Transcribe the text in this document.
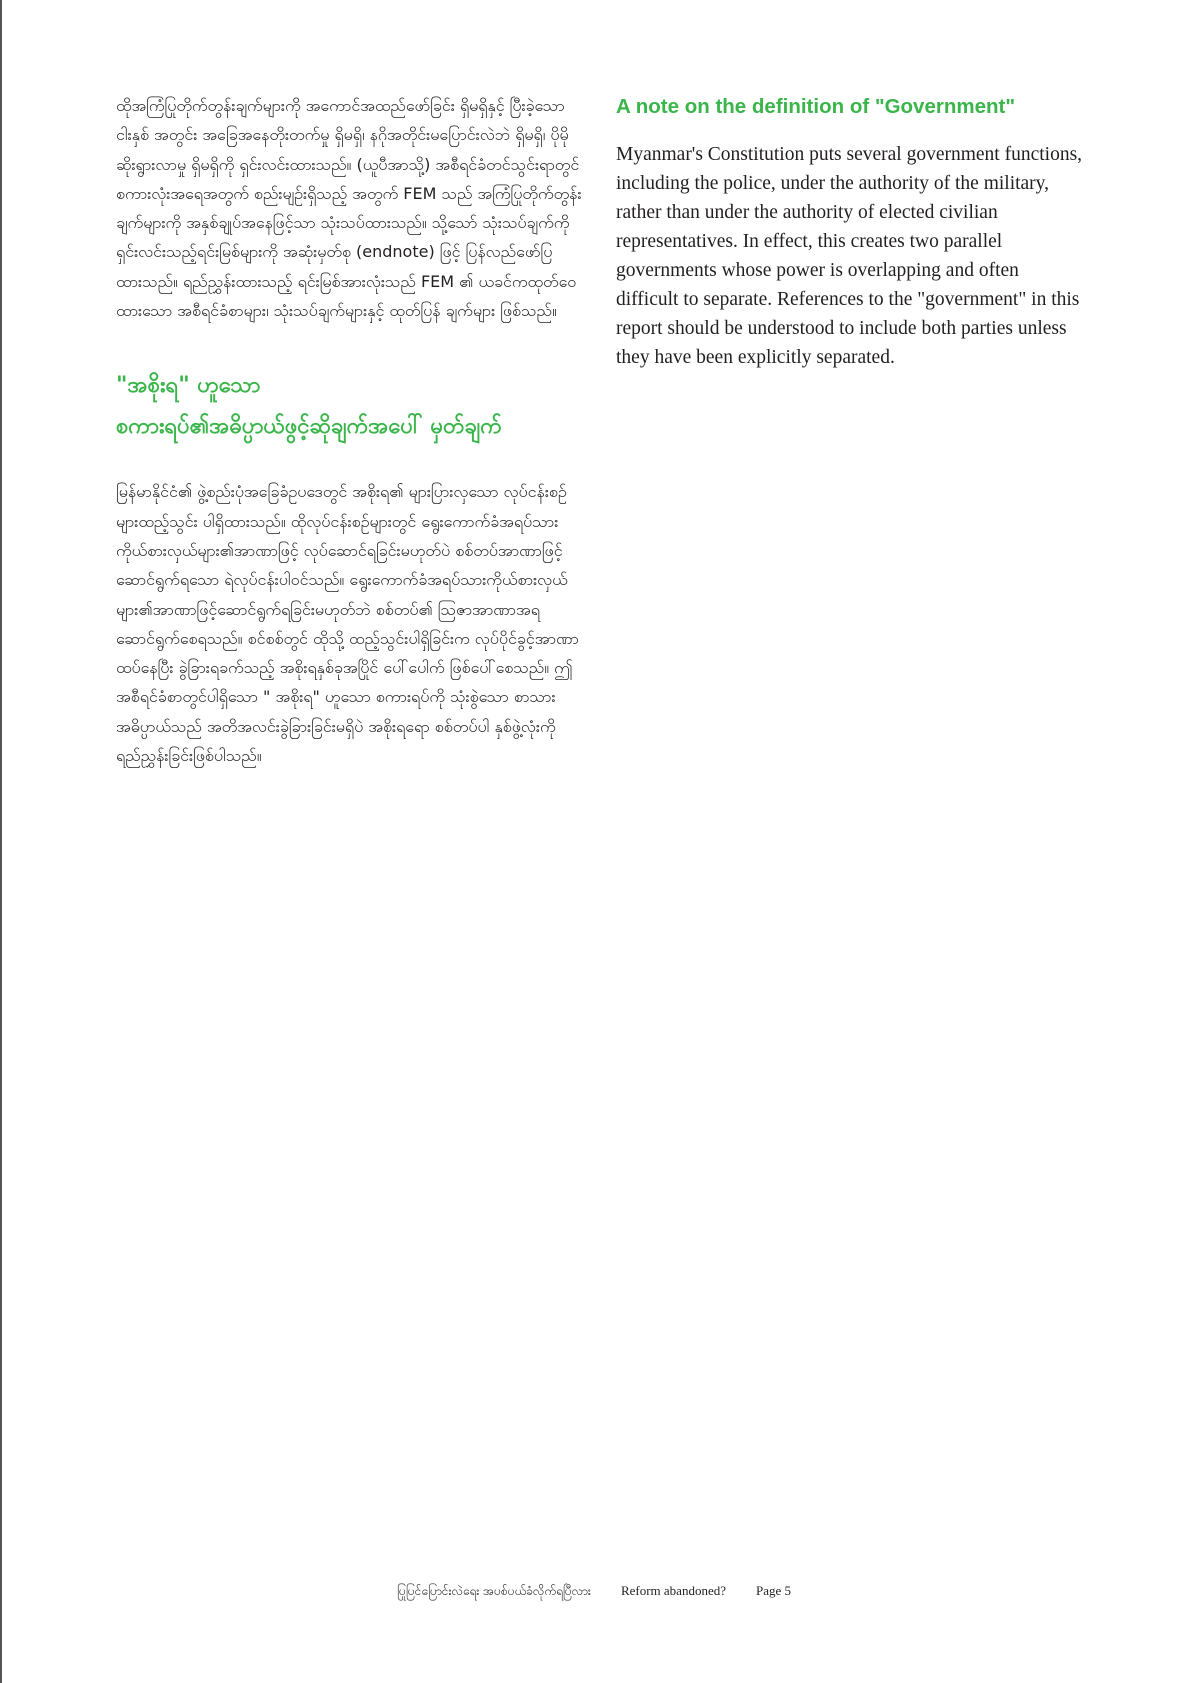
ထိုအကြံပြုတိုက်တွန်းချက်များကို အကောင်အထည်ဖော်ခြင်း ရှိမရှိနှင့် ပြီးခဲ့သော ငါးနှစ် အတွင်း အခြေအနေတိုးတက်မှု ရှိမရှိ၊ နဂိုအတိုင်းမပြောင်းလဲဘဲ ရှိမရှိ၊ ပိုမိုဆိုးရွားလာမှု ရှိမရှိကို ရှင်းလင်းထားသည်။ (ယူပီအာသို့) အစီရင်ခံတင်သွင်းရာတွင် စကားလုံးအရေအတွက် စည်းမျဉ်းရှိသည့် အတွက် FEM သည် အကြံပြုတိုက်တွန်းချက်များကို အနှစ်ချုပ်အနေဖြင့်သာ သုံးသပ်ထားသည်။ သို့သော် သုံးသပ်ချက်ကို ရှင်းလင်းသည့်ရင်းမြစ်များကို အဆုံးမှတ်စု (endnote) ဖြင့် ပြန်လည်ဖော်ပြထားသည်။ ရည်ညွှန်းထားသည့် ရင်းမြစ်အားလုံးသည် FEM ၏ ယခင်ကထုတ်ဝေထားသော အစီရင်ခံစာများ၊ သုံးသပ်ချက်များနှင့် ထုတ်ပြန် ချက်များ ဖြစ်သည်။

"အစိုးရ" ဟူသော
စကားရပ်၏အဓိပ္ပာယ်ဖွင့်ဆိုချက်အပေါ် မှတ်ချက်

မြန်မာနိုင်ငံ၏ ဖွဲ့စည်းပုံအခြေခံဥပဒေတွင် အစိုးရ၏ များပြားလှသော လုပ်ငန်းစဉ်များထည့်သွင်း ပါရှိထားသည်။ ထိုလုပ်ငန်းစဉ်များတွင် ရွေးကောက်ခံအရပ်သားကိုယ်စားလှယ်များ၏အာဏာဖြင့် လုပ်ဆောင်ရခြင်းမဟုတ်ပဲ စစ်တပ်အာဏာဖြင့် ဆောင်ရွက်ရသော ရဲလုပ်ငန်းပါဝင်သည်။ ရွေးကောက်ခံအရပ်သားကိုယ်စားလှယ်များ၏အာဏာဖြင့်ဆောင်ရွက်ရခြင်းမဟုတ်ဘဲ စစ်တပ်၏ သြဇာအာဏာအရ ဆောင်ရွက်စေရသည်။ စင်စစ်တွင် ထိုသို့ ထည့်သွင်းပါရှိခြင်းက လုပ်ပိုင်ခွင့်အာဏာထပ်နေပြီး ခွဲခြားရခက်သည့် အစိုးရနှစ်ခုအပြိုင် ပေါ်ပေါက် ဖြစ်ပေါ်စေသည်။ ဤ အစီရင်ခံစာတွင်ပါရှိသော " အစိုးရ" ဟူသော စကားရပ်ကို သုံးစွဲသော စာသား အဓိပ္ပာယ်သည် အတိအလင်းခွဲခြားခြင်းမရှိပဲ အစိုးရရော စစ်တပ်ပါ နှစ်ဖွဲ့လုံးကို ရည်ညွှန်းခြင်းဖြစ်ပါသည်။

A note on the definition of "Government"

Myanmar's Constitution puts several government functions, including the police, under the authority of the military, rather than under the authority of elected civilian representatives. In effect, this creates two parallel governments whose power is overlapping and often difficult to separate. References to the "government" in this report should be understood to include both parties unless they have been explicitly separated.

ပြုပြင်ပြောင်းလဲရေး အပစ်ပယ်ခံလိုက်ရပြီလား Reform abandoned? Page 5
